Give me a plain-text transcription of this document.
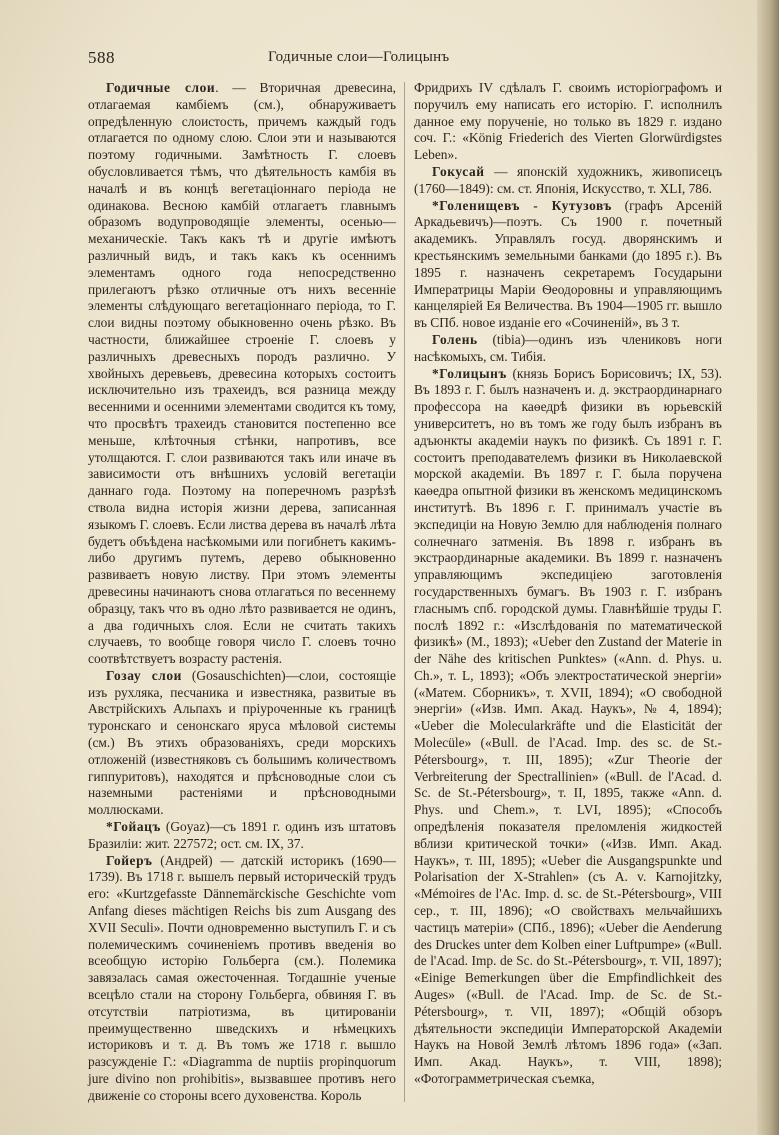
588	Годичные слои—Голицынъ

Годичные слои. — Вторичная древесина, отлагаемая камбіемъ (см.), обнаруживаетъ опредѣленную слоистость, причемъ каждый годъ отлагается по одному слою. Слои эти и называются поэтому годичными. Замѣтность Г. слоевъ обусловливается тѣмъ, что дѣятельность камбія въ началѣ и въ концѣ вегетаціоннаго періода не одинакова. Весною камбій отлагаетъ главнымъ образомъ водупроводящіе элементы, осенью—механическіе. Такъ какъ тѣ и другіе имѣютъ различный видъ, и такъ какъ къ осеннимъ элементамъ одного года непосредственно прилегаютъ рѣзко отличные отъ нихъ весенніе элементы слѣдующаго вегетаціоннаго періода, то Г. слои видны поэтому обыкновенно очень рѣзко. Въ частности, ближайшее строеніе Г. слоевъ у различныхъ древесныхъ породъ различно. У хвойныхъ деревьевъ, древесина которыхъ состоитъ исключительно изъ трахеидъ, вся разница между весенними и осенними элементами сводится къ тому, что просвѣтъ трахеидъ становится постепенно все меньше, клѣточныя стѣнки, напротивъ, все утолщаются. Г. слои развиваются такъ или иначе въ зависимости отъ внѣшнихъ условій вегетаціи даннаго года. Поэтому на поперечномъ разрѣзѣ ствола видна исторія жизни дерева, записанная языкомъ Г. слоевъ. Если листва дерева въ началѣ лѣта будетъ объѣдена насѣкомыми или погибнетъ какимъ-либо другимъ путемъ, дерево обыкновенно развиваетъ новую листву. При этомъ элементы древесины начинаютъ снова отлагаться по весеннему образцу, такъ что въ одно лѣто развивается не одинъ, а два годичныхъ слоя. Если не считать такихъ случаевъ, то вообще говоря число Г. слоевъ точно соотвѣтствуетъ возрасту растенія.

Гозау слои (Gosauschichten)—слои, состоящіе изъ рухляка, песчаника и известняка, развитые въ Австрійскихъ Альпахъ и пріуроченные къ границѣ туронскаго и сенонскаго яруса мѣловой системы (см.) Въ этихъ образованіяхъ, среди морскихъ отложеній (известняковъ съ большимъ количествомъ гиппуритовъ), находятся и прѣсноводные слои съ наземными растеніями и прѣсноводными моллюсками.

*Гойацъ (Goyaz)—съ 1891 г. одинъ изъ штатовъ Бразиліи: жит. 227572; ост. см. IX, 37.

Гойеръ (Андрей) — датскій историкъ (1690—1739). Въ 1718 г. вышелъ первый историческій трудъ его: «Kurtzgefasste Dännemärckische Geschichte vom Anfang dieses mächtigen Reichs bis zum Ausgang des XVII Seculi». Почти одновременно выступилъ Г. и съ полемическимъ сочиненіемъ противъ введенія во всеобщую исторію Гольберга (см.). Полемика завязалась самая ожесточенная. Тогдашніе ученые всецѣло стали на сторону Гольберга, обвиняя Г. въ отсутствіи патріотизма, въ цитированіи преимущественно шведскихъ и нѣмецкихъ историковъ и т. д. Въ томъ же 1718 г. вышло разсужденіе Г.: «Diagramma de nuptiis propinquorum jure divino non prohibitis», вызвавшее противъ него движеніе со стороны всего духовенства. Король

Фридрихъ IV сдѣлалъ Г. своимъ исторіографомъ и поручилъ ему написать его исторію. Г. исполнилъ данное ему порученіе, но только въ 1829 г. издано соч. Г.: «König Friederich des Vierten Glorwürdigstes Leben».

Гокусай — японскій художникъ, живописецъ (1760—1849): см. ст. Японія, Искусство, т. XLI, 786.

*Голенищевъ - Кутузовъ (графъ Арсеній Аркадьевичъ)—поэтъ. Съ 1900 г. почетный академикъ. Управлялъ госуд. дворянскимъ и крестьянскимъ земельными банками (до 1895 г.). Въ 1895 г. назначенъ секретаремъ Государыни Императрицы Маріи Ѳеодоровны и управляющимъ канцеляріей Ея Величества. Въ 1904—1905 гг. вышло въ СПб. новое изданіе его «Сочиненій», въ 3 т.

Голень (tibia)—одинъ изъ члениковъ ноги насѣкомыхъ, см. Тибія.

*Голицынъ (князь Борисъ Борисовичъ; IX, 53). Въ 1893 г. Г. былъ назначенъ и. д. экстраординарнаго профессора на каѳедрѣ физики въ юрьевскій университетъ, но въ томъ же году былъ избранъ въ адъюнкты академіи наукъ по физикѣ. Съ 1891 г. Г. состоитъ преподавателемъ физики въ Николаевской морской академіи. Въ 1897 г. Г. была поручена каѳедра опытной физики въ женскомъ медицинскомъ институтѣ. Въ 1896 г. Г. принималъ участіе въ экспедиціи на Новую Землю для наблюденія полнаго солнечнаго затменія. Въ 1898 г. избранъ въ экстраординарные академики. Въ 1899 г. назначенъ управляющимъ экспедиціею заготовленія государственныхъ бумагъ. Въ 1903 г. Г. избранъ гласнымъ спб. городской думы. Главнѣйшіе труды Г. послѣ 1892 г.: «Изслѣдованія по математической физикѣ» (М., 1893); «Ueber den Zustand der Materie in der Nähe des kritischen Punktes» («Ann. d. Phys. u. Ch.», т. L, 1893); «Объ электростатической энергіи» («Матем. Сборникъ», т. XVII, 1894); «О свободной энергіи» («Изв. Имп. Акад. Наукъ», № 4, 1894); «Ueber die Molecularkräfte und die Elasticität der Molecüle» («Bull. de l'Acad. Imp. des sc. de St.-Pétersbourg», т. III, 1895); «Zur Theorie der Verbreiterung der Spectrallinien» («Bull. de l'Acad. d. Sc. de St.-Pétersbourg», т. II, 1895, также «Ann. d. Phys. und Chem.», т. LVI, 1895); «Способъ опредѣленія показателя преломленія жидкостей вблизи критической точки» («Изв. Имп. Акад. Наукъ», т. III, 1895); «Ueber die Ausgangspunkte und Polarisation der X-Strahlen» (съ А. v. Karnojitzky, «Mémoires de l'Ac. Imp. d. sc. de St.-Pétersbourg», VIII сер., т. III, 1896); «О свойствахъ мельчайшихъ частицъ матеріи» (СПб., 1896); «Ueber die Aenderung des Druckes unter dem Kolben einer Luftpumpe» («Bull. de l'Acad. Imp. de Sc. do St.-Pétersbourg», т. VII, 1897); «Einige Bemerkungen über die Empfindlichkeit des Auges» («Bull. de l'Acad. Imp. de Sc. de St.-Pétersbourg», т. VII, 1897); «Общій обзоръ дѣятельности экспедиціи Императорской Академіи Наукъ на Новой Землѣ лѣтомъ 1896 года» («Зап. Имп. Акад. Наукъ», т. VIII, 1898); «Фотограмметрическая съемка,
